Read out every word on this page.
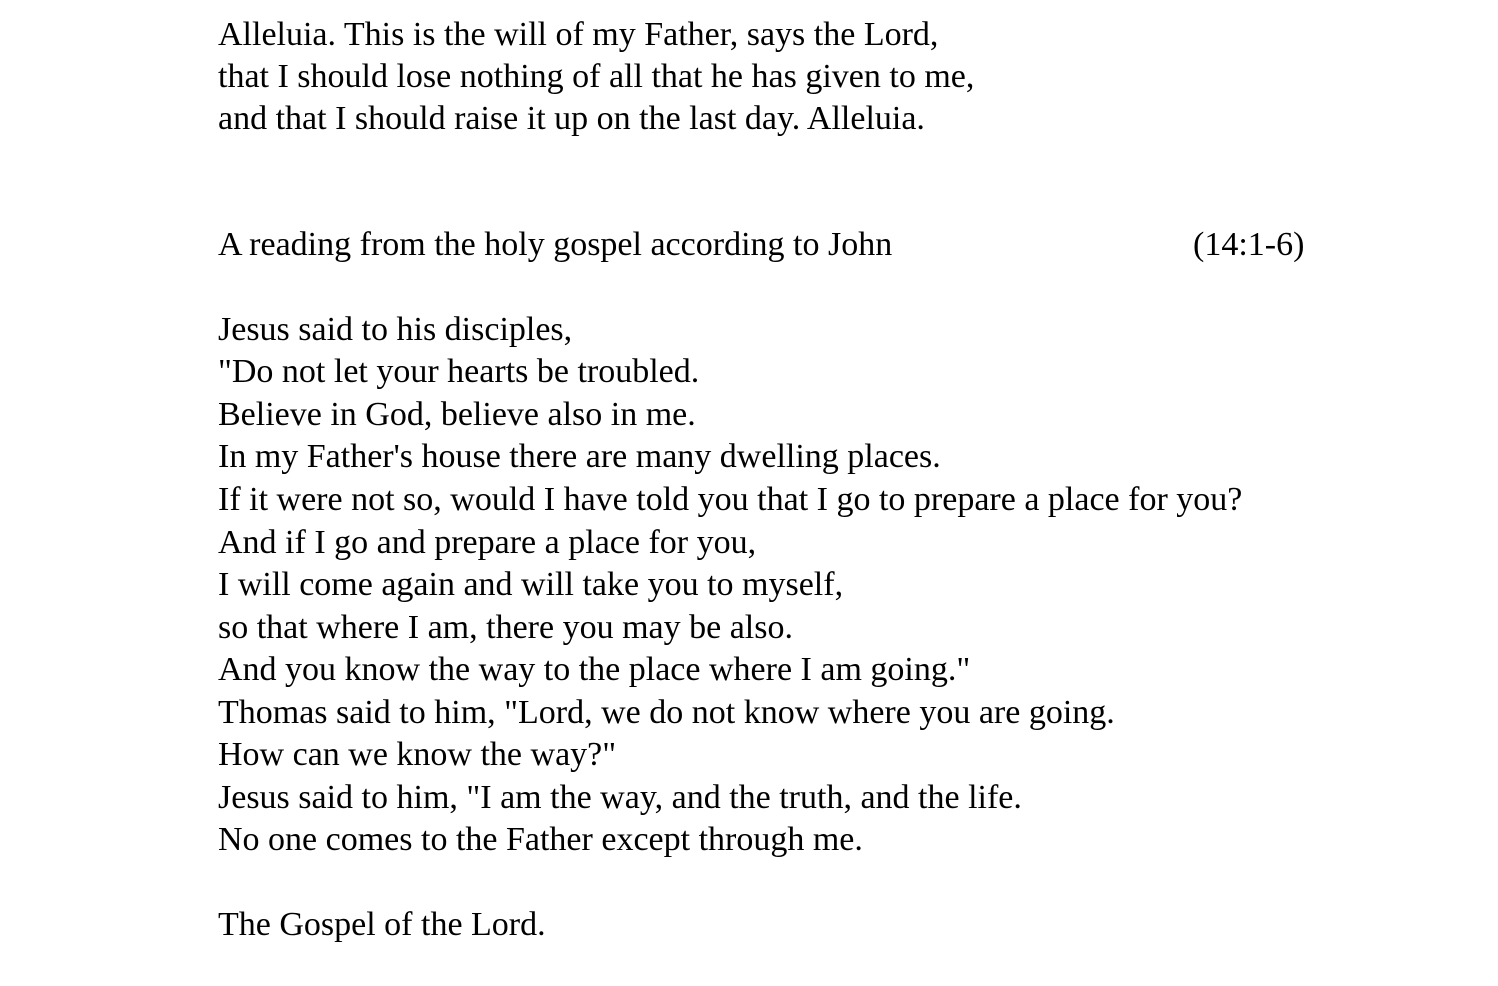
Alleluia. This is the will of my Father, says the Lord,
that I should lose nothing of all that he has given to me,
and that I should raise it up on the last day. Alleluia.
A reading from the holy gospel according to John	(14:1-6)
Jesus said to his disciples,
"Do not let your hearts be troubled.
Believe in God, believe also in me.
In my Father's house there are many dwelling places.
If it were not so, would I have told you that I go to prepare a place for you?
And if I go and prepare a place for you,
I will come again and will take you to myself,
so that where I am, there you may be also.
And you know the way to the place where I am going."
Thomas said to him, "Lord, we do not know where you are going.
How can we know the way?"
Jesus said to him, "I am the way, and the truth, and the life.
No one comes to the Father except through me.
The Gospel of the Lord.
